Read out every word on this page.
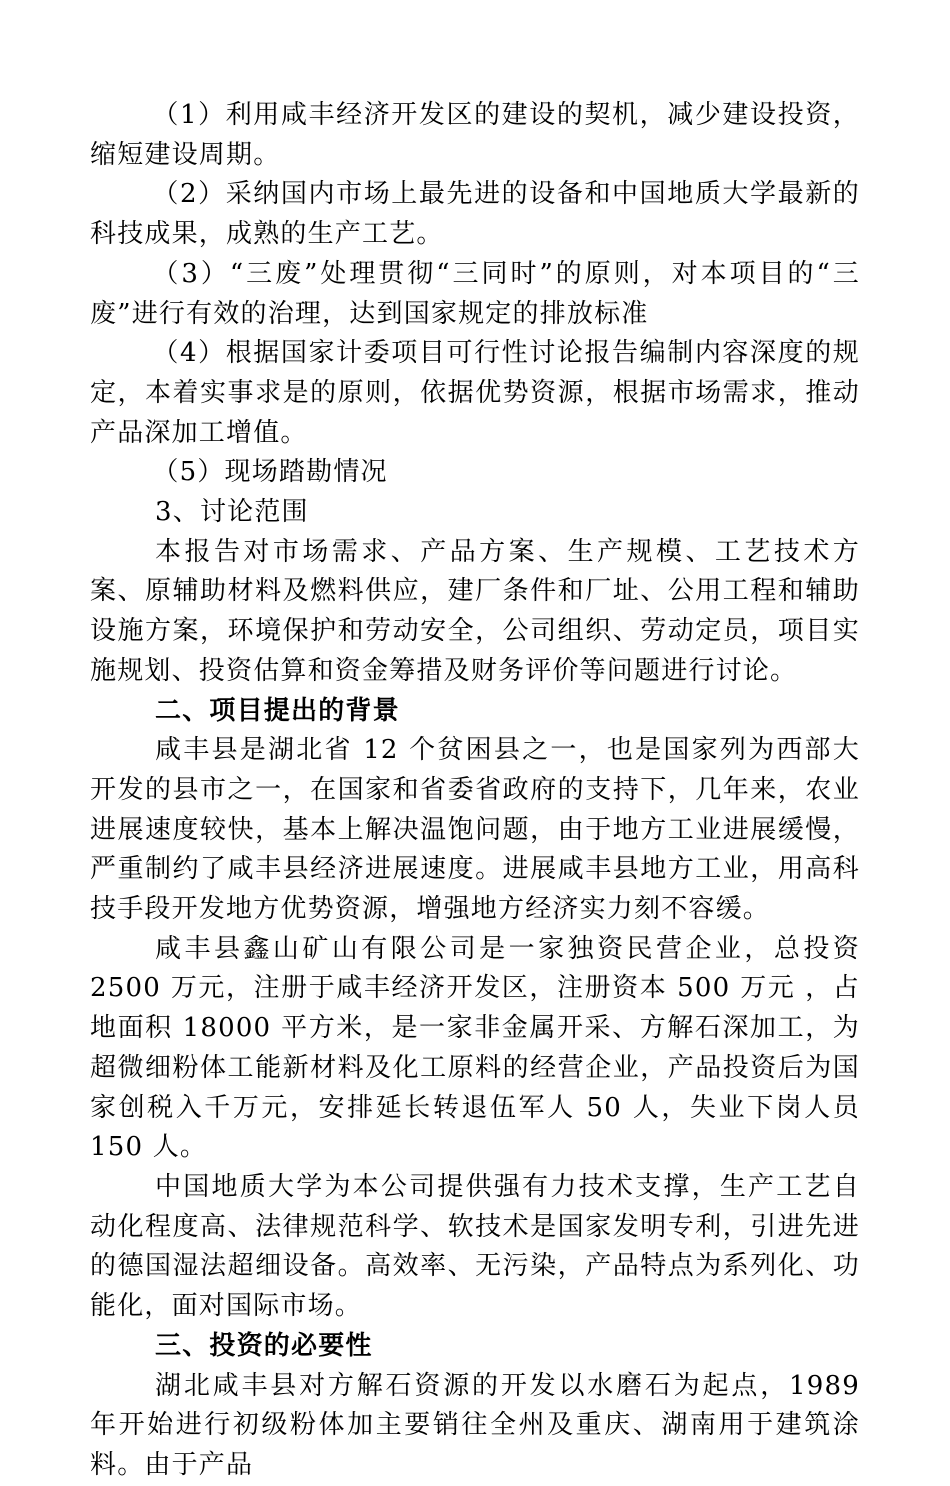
（1）利用咸丰经济开发区的建设的契机，减少建设投资，缩短建设周期。

（2）采纳国内市场上最先进的设备和中国地质大学最新的科技成果，成熟的生产工艺。

（3）“三废”处理贯彻“三同时”的原则，对本项目的“三废”进行有效的治理，达到国家规定的排放标准

（4）根据国家计委项目可行性讨论报告编制内容深度的规定，本着实事求是的原则，依据优势资源，根据市场需求，推动产品深加工增值。

（5）现场踏勘情况

3、讨论范围

本报告对市场需求、产品方案、生产规模、工艺技术方案、原辅助材料及燃料供应，建厂条件和厂址、公用工程和辅助设施方案，环境保护和劳动安全，公司组织、劳动定员，项目实施规划、投资估算和资金筹措及财务评价等问题进行讨论。

二、项目提出的背景

咸丰县是湖北省 12 个贫困县之一，也是国家列为西部大开发的县市之一，在国家和省委省政府的支持下，几年来，农业进展速度较快，基本上解决温饱问题，由于地方工业进展缓慢，严重制约了咸丰县经济进展速度。进展咸丰县地方工业，用高科技手段开发地方优势资源，增强地方经济实力刻不容缓。

咸丰县鑫山矿山有限公司是一家独资民营企业，总投资 2500 万元，注册于咸丰经济开发区，注册资本 500 万元 ，占地面积 18000 平方米，是一家非金属开采、方解石深加工，为超微细粉体工能新材料及化工原料的经营企业，产品投资后为国家创税入千万元，安排延长转退伍军人 50 人，失业下岗人员 150 人。

中国地质大学为本公司提供强有力技术支撑，生产工艺自动化程度高、法律规范科学、软技术是国家发明专利，引进先进的德国湿法超细设备。高效率、无污染，产品特点为系列化、功能化，面对国际市场。

三、投资的必要性

湖北咸丰县对方解石资源的开发以水磨石为起点，1989 年开始进行初级粉体加主要销往全州及重庆、湖南用于建筑涂料。由于产品
